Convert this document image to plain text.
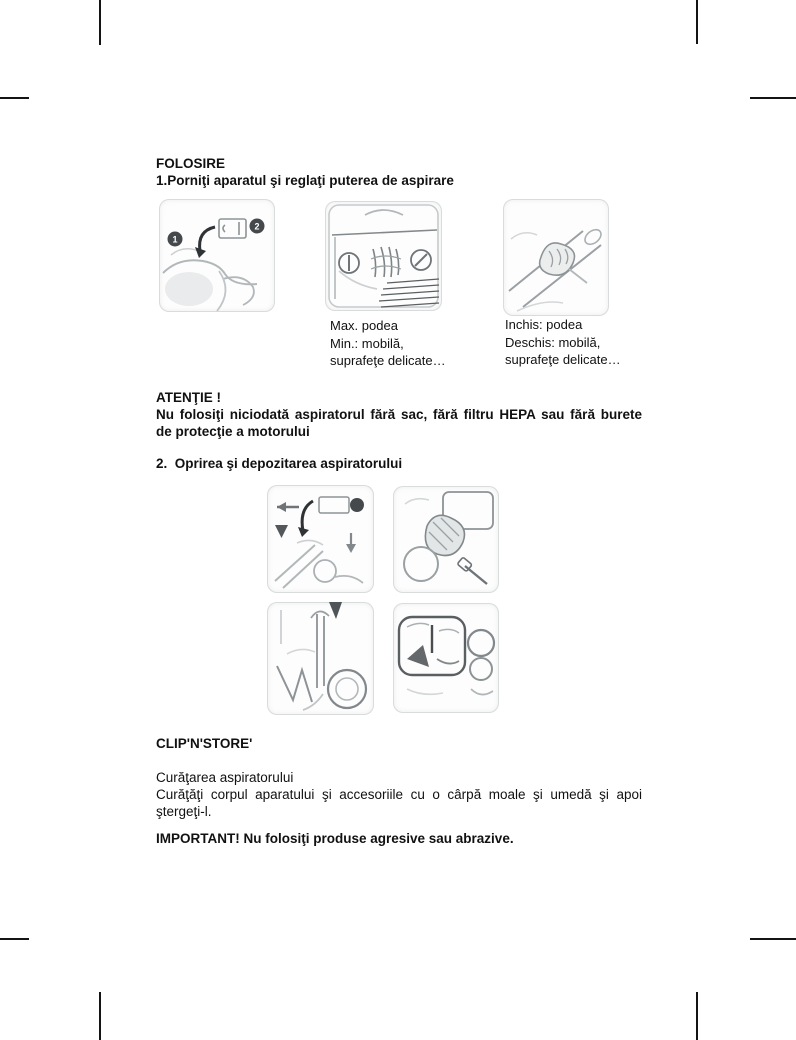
FOLOSIRE
1.Porniţi aparatul şi reglaţi puterea de aspirare
1
2
Max. podea
Min.: mobilă,
suprafeţe delicate…
Inchis: podea
Deschis: mobilă,
suprafeţe delicate…
ATENŢIE !
Nu folosiţi niciodată aspiratorul fără sac, fără filtru HEPA sau fără burete
de protecţie a motorului
2.  Oprirea şi depozitarea aspiratorului
CLIP'N'STORE'
Curăţarea aspiratorului
Curăţăţi corpul aparatului şi accesoriile cu o cârpă moale şi umedă şi apoi
ştergeţi-l.
IMPORTANT! Nu folosiţi produse agresive sau abrazive.
